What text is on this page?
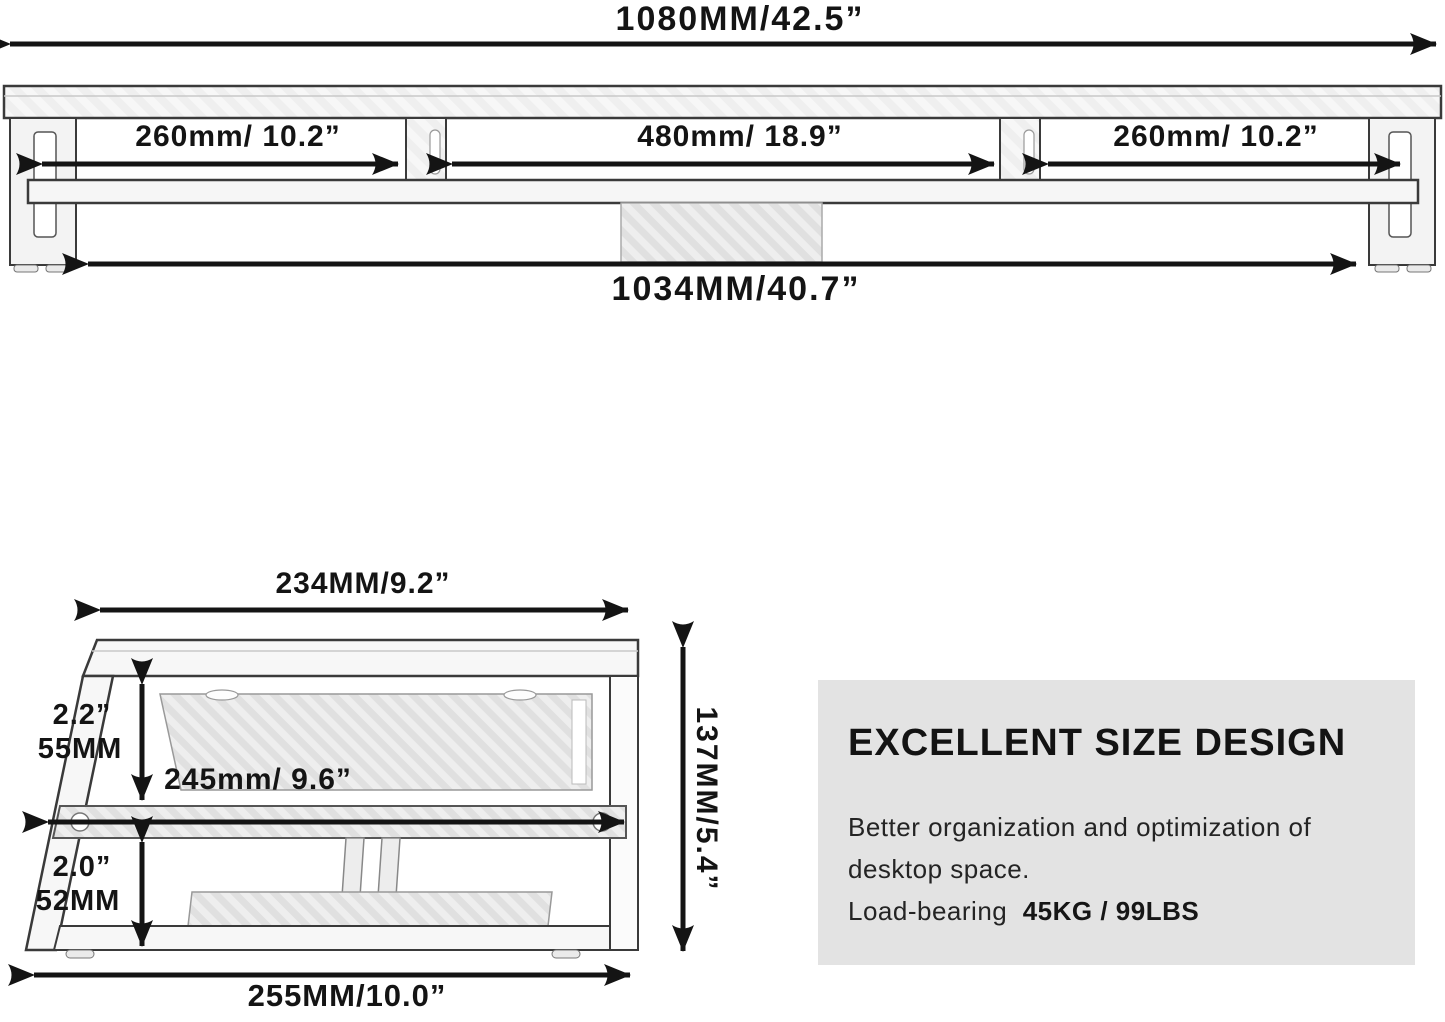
1080MM/42.5”
260mm/ 10.2”	480mm/ 18.9”	260mm/ 10.2”
1034MM/40.7”
234MM/9.2”
2.2”
55MM
245mm/ 9.6”
2.0”
52MM
137MM/5.4”
255MM/10.0”
EXCELLENT SIZE DESIGN
Better organization and optimization of
desktop space.
Load-bearing 45KG / 99LBS
